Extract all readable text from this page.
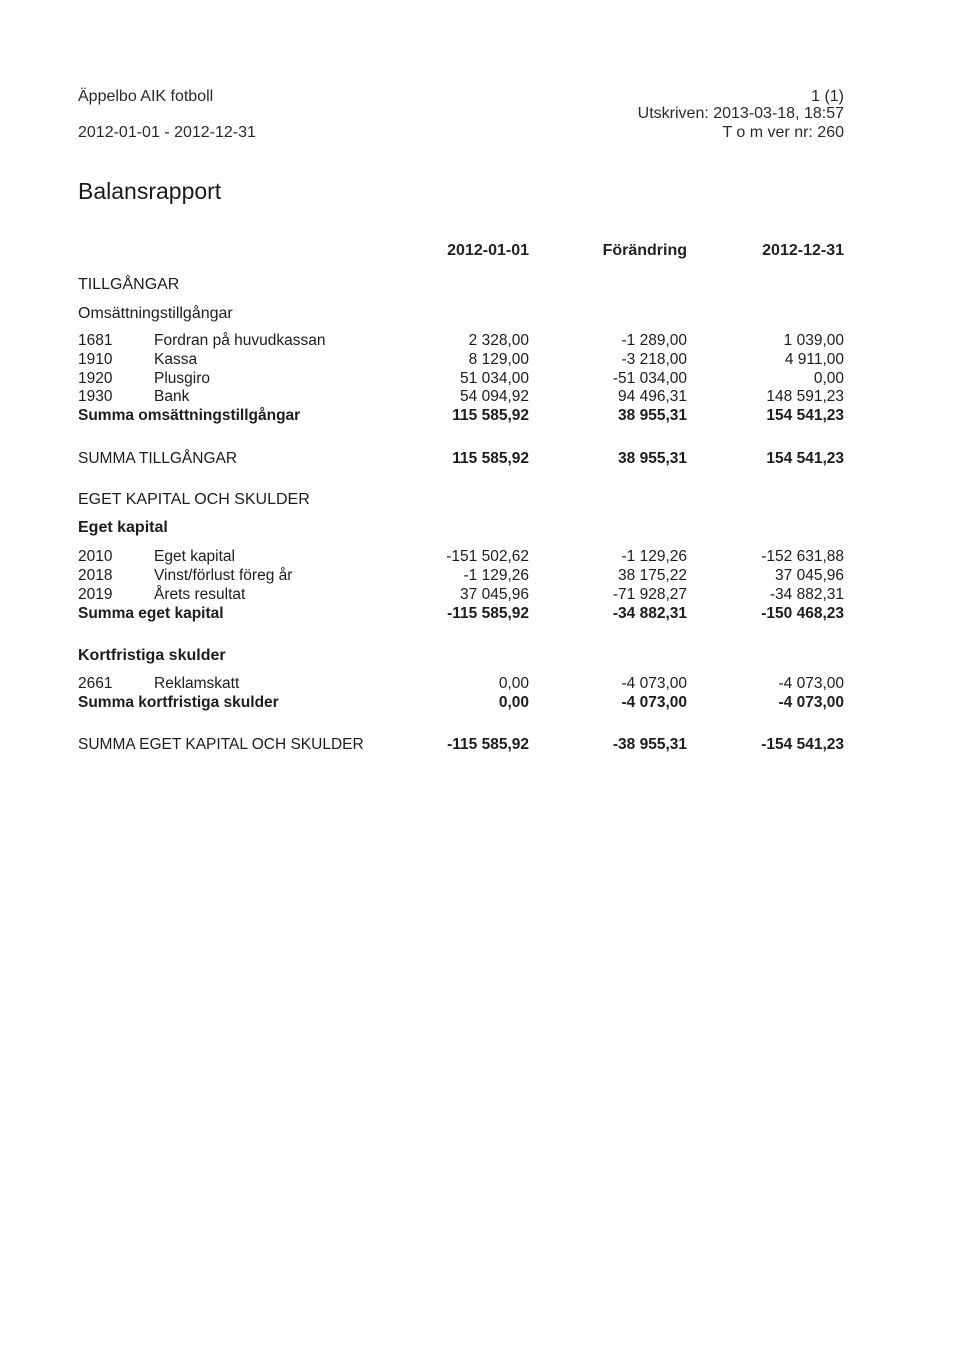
Äppelbo AIK fotboll
2012-01-01 - 2012-12-31
1 (1)
Utskriven: 2013-03-18, 18:57
T o m ver nr: 260
Balansrapport
2012-01-01	Förändring	2012-12-31
TILLGÅNGAR
Omsättningstillgångar
1681	Fordran på huvudkassan	2 328,00	-1 289,00	1 039,00
1910	Kassa	8 129,00	-3 218,00	4 911,00
1920	Plusgiro	51 034,00	-51 034,00	0,00
1930	Bank	54 094,92	94 496,31	148 591,23
Summa omsättningstillgångar	115 585,92	38 955,31	154 541,23
SUMMA TILLGÅNGAR	115 585,92	38 955,31	154 541,23
EGET KAPITAL OCH SKULDER
Eget kapital
2010	Eget kapital	-151 502,62	-1 129,26	-152 631,88
2018	Vinst/förlust föreg år	-1 129,26	38 175,22	37 045,96
2019	Årets resultat	37 045,96	-71 928,27	-34 882,31
Summa eget kapital	-115 585,92	-34 882,31	-150 468,23
Kortfristiga skulder
2661	Reklamskatt	0,00	-4 073,00	-4 073,00
Summa kortfristiga skulder	0,00	-4 073,00	-4 073,00
SUMMA EGET KAPITAL OCH SKULDER	-115 585,92	-38 955,31	-154 541,23
